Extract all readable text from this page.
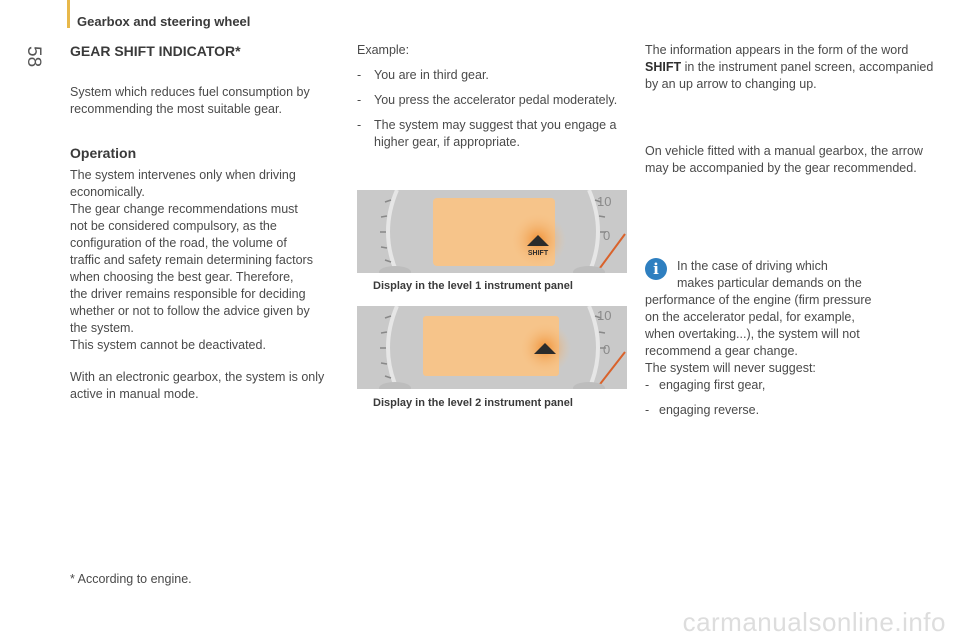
Gearbox and steering wheel
58 GEAR SHIFT INDICATOR*
System which reduces fuel consumption by recommending the most suitable gear.
Operation
The system intervenes only when driving
economically.
The gear change recommendations must
not be considered compulsory, as the
configuration of the road, the volume of
traffic and safety remain determining factors
when choosing the best gear. Therefore,
the driver remains responsible for deciding
whether or not to follow the advice given by
the system.
This system cannot be deactivated.
With an electronic gearbox, the system is only active in manual mode.
* According to engine.
Example:
-	You are in third gear.
-	You press the accelerator pedal moderately.
-	The system may suggest that you engage a higher gear, if appropriate.
SHIFT
10
0
Display in the level 1 instrument panel
10
0
Display in the level 2 instrument panel
The information appears in the form of the word SHIFT in the instrument panel screen, accompanied by an up arrow to changing up.
On vehicle fitted with a manual gearbox, the arrow may be accompanied by the gear recommended.
i	In the case of driving which
makes particular demands on the
performance of the engine (firm pressure
on the accelerator pedal, for example,
when overtaking...), the system will not
recommend a gear change.
The system will never suggest:
- engaging first gear,
- engaging reverse.
carmanualsonline.info
